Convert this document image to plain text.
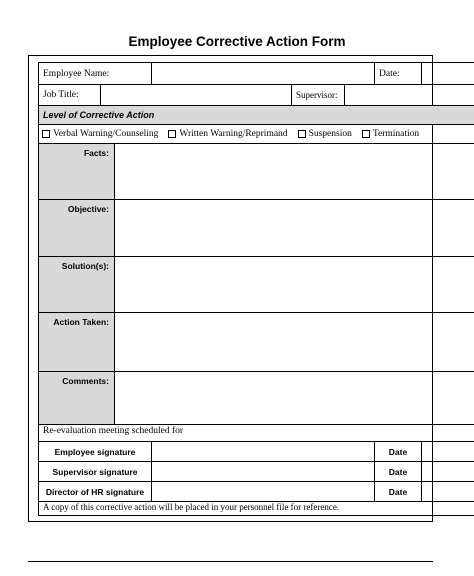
Employee Corrective Action Form
Employee Name:						Date:	
Job Title:				Supervisor:			
Level of Corrective Action							

Verbal Warning/Counseling Written Warning/Reprimand Suspension Termination							

Facts:							
Objective:							
Solution(s):							
Action Taken:							
Comments:							
Re-evaluation meeting scheduled for							
Employee signature						Date	
Supervisor signature						Date	
Director of HR signature						Date	
A copy of this corrective action will be placed in your personnel file for reference.							
